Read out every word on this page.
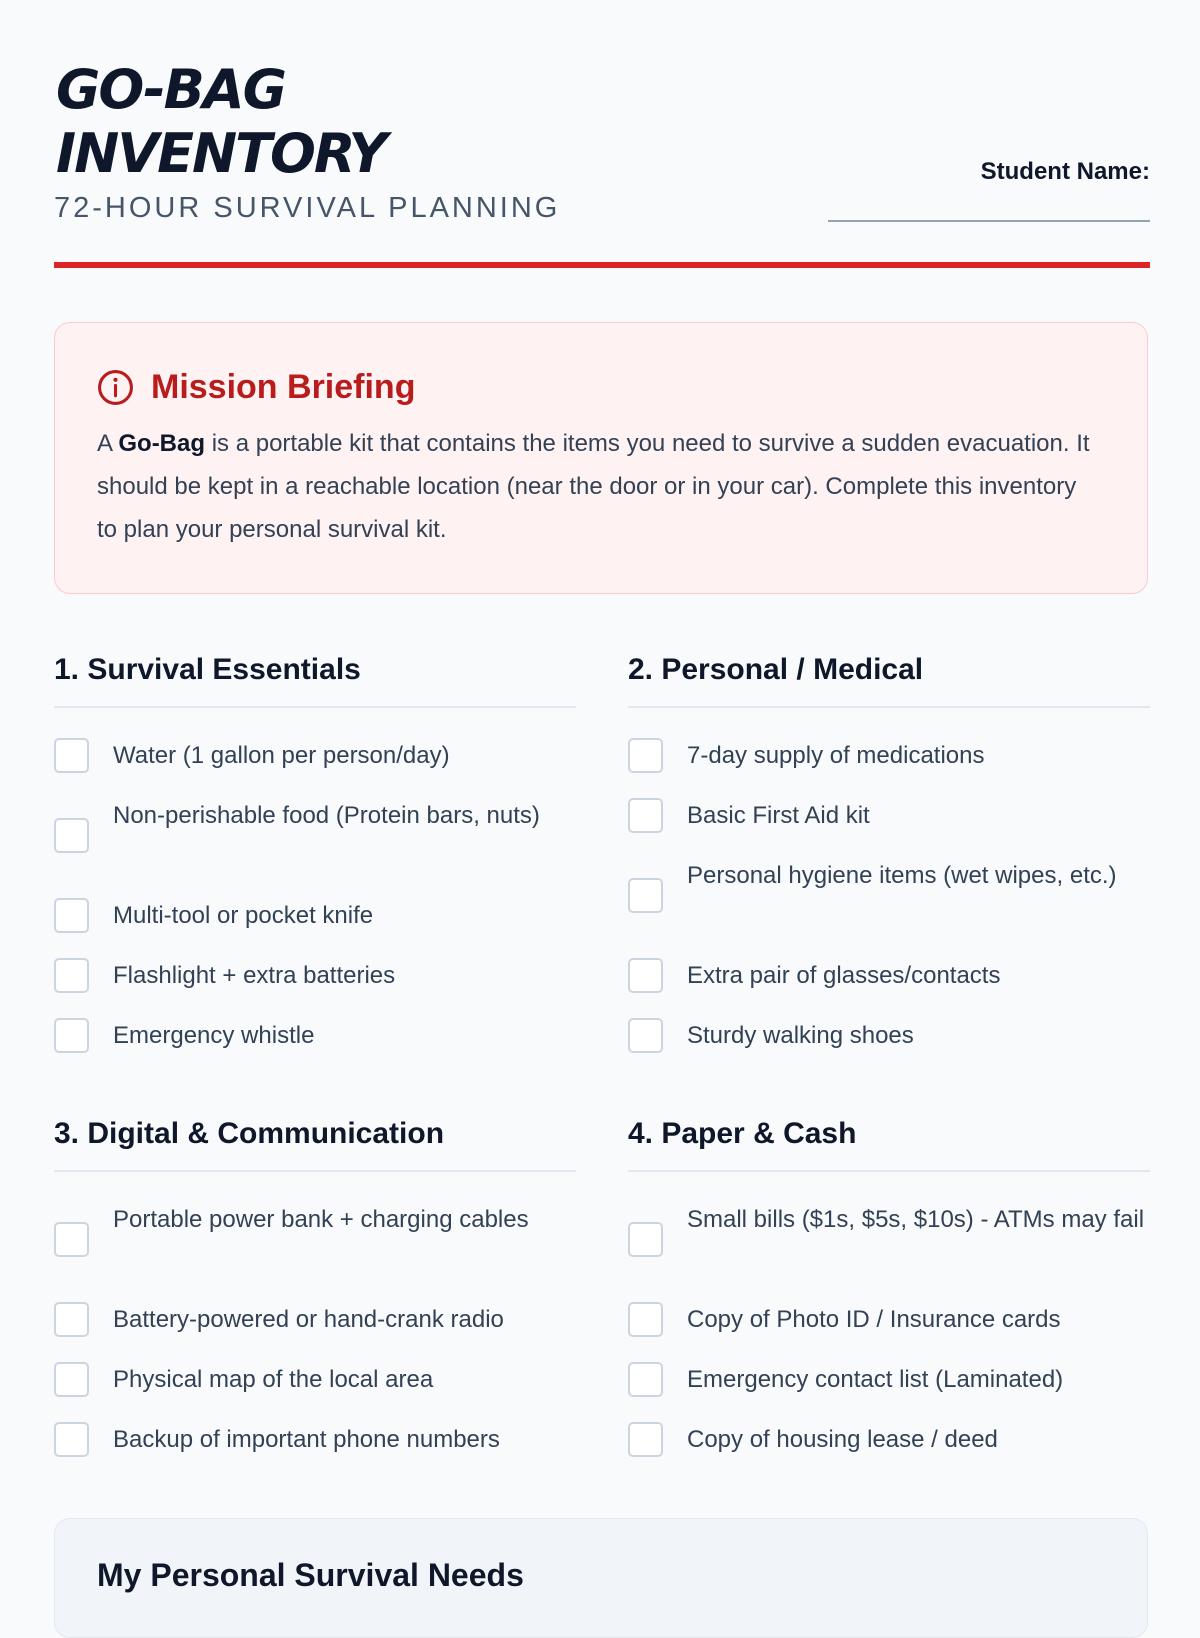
GO-BAG
INVENTORY
72-HOUR SURVIVAL PLANNING
Student Name:
Mission Briefing
A Go-Bag is a portable kit that contains the items you need to survive a sudden evacuation. It should be kept in a reachable location (near the door or in your car). Complete this inventory to plan your personal survival kit.
1. Survival Essentials
Water (1 gallon per person/day)
Non-perishable food (Protein bars, nuts)
Multi-tool or pocket knife
Flashlight + extra batteries
Emergency whistle
2. Personal / Medical
7-day supply of medications
Basic First Aid kit
Personal hygiene items (wet wipes, etc.)
Extra pair of glasses/contacts
Sturdy walking shoes
3. Digital & Communication
Portable power bank + charging cables
Battery-powered or hand-crank radio
Physical map of the local area
Backup of important phone numbers
4. Paper & Cash
Small bills ($1s, $5s, $10s) - ATMs may fail
Copy of Photo ID / Insurance cards
Emergency contact list (Laminated)
Copy of housing lease / deed
My Personal Survival Needs
